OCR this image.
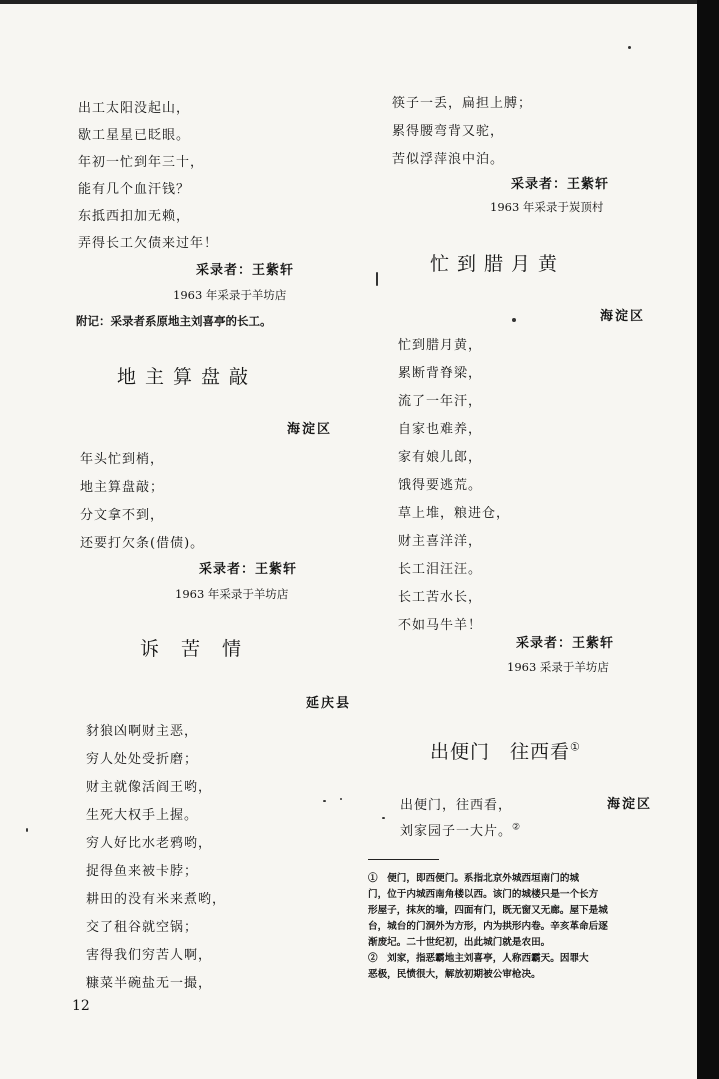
出工太阳没起山，
歇工星星已眨眼。
年初一忙到年三十，
能有几个血汗钱？
东抵西扣加无赖，
弄得长工欠债来过年！
采录者：王紫轩
1963 年采录于羊坊店
附记：采录者系原地主刘喜亭的长工。
地主算盘敲
海淀区
年头忙到梢，
地主算盘敲；
分文拿不到，
还要打欠条(借债)。
采录者：王紫轩
1963 年采录于羊坊店
诉苦情
延庆县
豺狼凶啊财主恶，
穷人处处受折磨；
财主就像活阎王哟，
生死大权手上握。
穷人好比水老鸦哟，
捉得鱼来被卡脖；
耕田的没有米来煮哟，
交了租谷就空锅；
害得我们穷苦人啊，
糠菜半碗盐无一撮，
12
筷子一丢，扁担上膊；
累得腰弯背又驼，
苦似浮萍浪中泊。
采录者：王紫轩
1963 年采录于炭顶村
忙到腊月黄
海淀区
忙到腊月黄，
累断背脊梁，
流了一年汗，
自家也难养，
家有娘儿郎，
饿得要逃荒。
草上堆，粮进仓，
财主喜洋洋，
长工泪汪汪。
长工苦水长，
不如马牛羊！
采录者：王紫轩
1963 采录于羊坊店
出便门　往西看①
海淀区
出便门，往西看，
刘家园子一大片。②
①　便门，即西便门。系指北京外城西垣南门的城
门，位于内城西南角楼以西。该门的城楼只是一个长方
形屋子，抹灰的墙，四面有门，既无窗又无廊。屋下是城
台，城台的门洞外为方形，内为拱形内卷。辛亥革命后逐
渐废圮。二十世纪初，出此城门就是农田。
②　刘家，指恶霸地主刘喜亭，人称西霸天。因罪大
恶极，民愤很大，解放初期被公审枪决。
